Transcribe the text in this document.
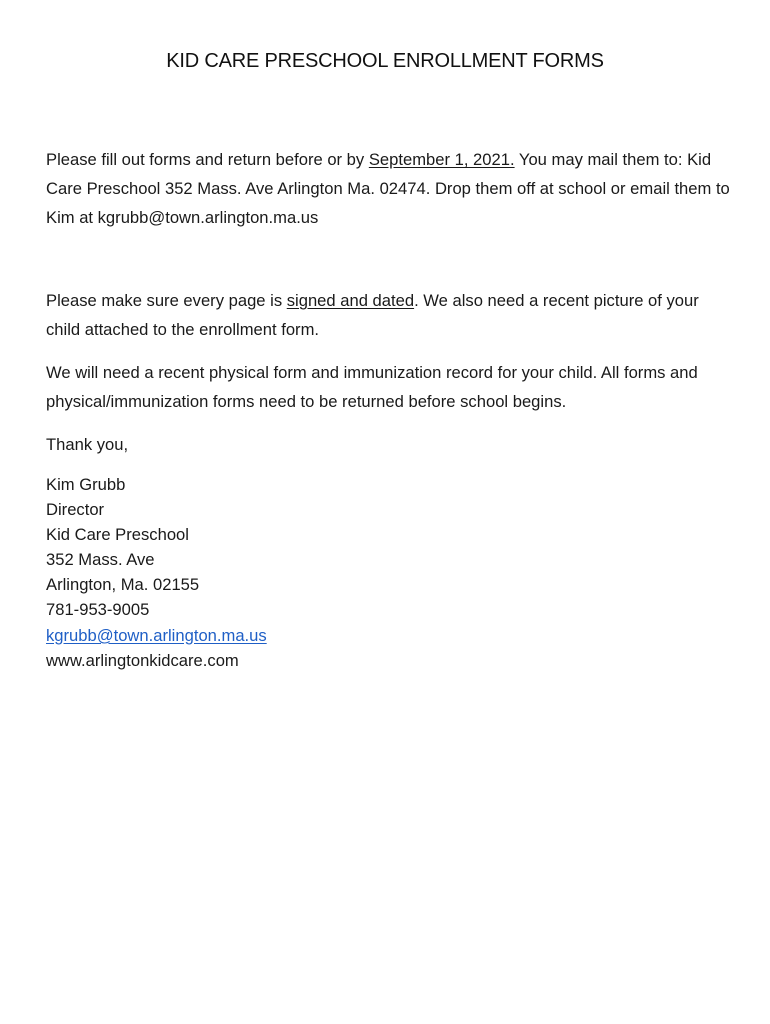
KID CARE PRESCHOOL ENROLLMENT FORMS
Please fill out forms and return before or by September 1, 2021. You may mail them to: Kid Care Preschool 352 Mass. Ave Arlington Ma. 02474. Drop them off at school or email them to Kim at kgrubb@town.arlington.ma.us
Please make sure every page is signed and dated. We also need a recent picture of your child attached to the enrollment form.
We will need a recent physical form and immunization record for your child. All forms and physical/immunization forms need to be returned before school begins.
Thank you,
Kim Grubb
Director
Kid Care Preschool
352 Mass. Ave
Arlington, Ma. 02155
781-953-9005
kgrubb@town.arlington.ma.us
www.arlingtonkidcare.com
